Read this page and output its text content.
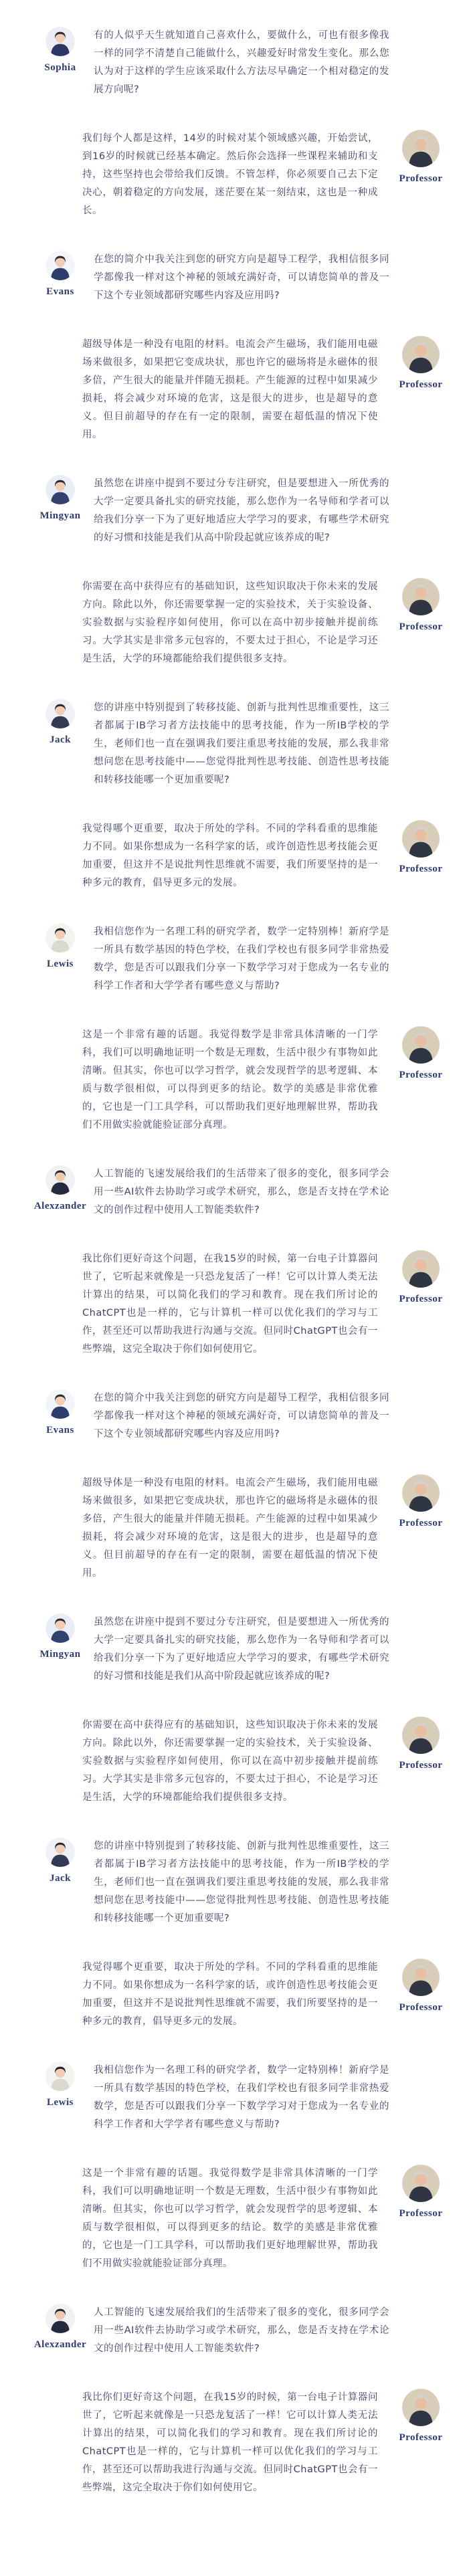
Sophia
有的人似乎天生就知道自己喜欢什么，要做什么，可也有很多像我一样的同学不清楚自己能做什么，兴趣爱好时常发生变化。那么您认为对于这样的学生应该采取什么方法尽早确定一个相对稳定的发展方向呢?
Professor
我们每个人都是这样，14岁的时候对某个领域感兴趣，开始尝试，到16岁的时候就已经基本确定。然后你会选择一些课程来辅助和支持，这些坚持也会带给我们反馈。不管怎样，你必须要自己去下定决心，朝着稳定的方向发展，迷茫要在某一刻结束，这也是一种成长。
Evans
在您的简介中我关注到您的研究方向是超导工程学，我相信很多同学都像我一样对这个神秘的领域充满好奇，可以请您简单的普及一下这个专业领域都研究哪些内容及应用吗?
Professor
超级导体是一种没有电阻的材料。电流会产生磁场，我们能用电磁场来做很多，如果把它变成块状，那也许它的磁场将是永磁体的很多倍，产生很大的能量并伴随无损耗。产生能源的过程中如果减少损耗，将会减少对环境的危害，这是很大的进步，也是超导的意义。但目前超导的存在有一定的限制，需要在超低温的情况下使用。
Mingyan
虽然您在讲座中提到不要过分专注研究，但是要想进入一所优秀的大学一定要具备扎实的研究技能，那么您作为一名导师和学者可以给我们分享一下为了更好地适应大学学习的要求，有哪些学术研究的好习惯和技能是我们从高中阶段起就应该养成的呢?
Professor
你需要在高中获得应有的基础知识，这些知识取决于你未来的发展方向。除此以外，你还需要掌握一定的实验技术，关于实验设备、实验数据与实验程序如何使用，你可以在高中初步接触并提前练习。大学其实是非常多元包容的，不要太过于担心，不论是学习还是生活，大学的环境都能给我们提供很多支持。
Jack
您的讲座中特别提到了转移技能、创新与批判性思维重要性，这三者都属于IB学习者方法技能中的思考技能，作为一所IB学校的学生，老师们也一直在强调我们要注重思考技能的发展，那么我非常想问您在思考技能中——您觉得批判性思考技能、创造性思考技能和转移技能哪一个更加重要呢?
Professor
我觉得哪个更重要，取决于所处的学科。不同的学科看重的思维能力不同。如果你想成为一名科学家的话，或许创造性思考技能会更加重要，但这并不是说批判性思维就不需要，我们所要坚持的是一种多元的教育，倡导更多元的发展。
Lewis
我相信您作为一名理工科的研究学者，数学一定特别棒！新府学是一所具有数学基因的特色学校，在我们学校也有很多同学非常热爱数学，您是否可以跟我们分享一下数学学习对于您成为一名专业的科学工作者和大学学者有哪些意义与帮助?
Professor
这是一个非常有趣的话题。我觉得数学是非常具体清晰的一门学科，我们可以明确地证明一个数是无理数，生活中很少有事物如此清晰。但其实，你也可以学习哲学，就会发现哲学的思考逻辑、本质与数学很相似，可以得到更多的结论。数学的美感是非常优雅的，它也是一门工具学科，可以帮助我们更好地理解世界，帮助我们不用做实验就能验证部分真理。
Alexzander
人工智能的飞速发展给我们的生活带来了很多的变化，很多同学会用一些AI软件去协助学习或学术研究，那么，您是否支持在学术论文的创作过程中使用人工智能类软件?
Professor
我比你们更好奇这个问题，在我15岁的时候，第一台电子计算器问世了，它听起来就像是一只恐龙复活了一样！它可以计算人类无法计算出的结果，可以简化我们的学习和教育。现在我们所讨论的ChatCPT也是一样的，它与计算机一样可以优化我们的学习与工作，甚至还可以帮助我进行沟通与交流。但同时ChatGPT也会有一些弊端，这完全取决于你们如何使用它。
Evans
在您的简介中我关注到您的研究方向是超导工程学，我相信很多同学都像我一样对这个神秘的领域充满好奇，可以请您简单的普及一下这个专业领域都研究哪些内容及应用吗?
Professor
超级导体是一种没有电阻的材料。电流会产生磁场，我们能用电磁场来做很多，如果把它变成块状，那也许它的磁场将是永磁体的很多倍，产生很大的能量并伴随无损耗。产生能源的过程中如果减少损耗，将会减少对环境的危害，这是很大的进步，也是超导的意义。但目前超导的存在有一定的限制，需要在超低温的情况下使用。
Mingyan
虽然您在讲座中提到不要过分专注研究，但是要想进入一所优秀的大学一定要具备扎实的研究技能，那么您作为一名导师和学者可以给我们分享一下为了更好地适应大学学习的要求，有哪些学术研究的好习惯和技能是我们从高中阶段起就应该养成的呢?
Professor
你需要在高中获得应有的基础知识，这些知识取决于你未来的发展方向。除此以外，你还需要掌握一定的实验技术，关于实验设备、实验数据与实验程序如何使用，你可以在高中初步接触并提前练习。大学其实是非常多元包容的，不要太过于担心，不论是学习还是生活，大学的环境都能给我们提供很多支持。
Jack
您的讲座中特别提到了转移技能、创新与批判性思维重要性，这三者都属于IB学习者方法技能中的思考技能，作为一所IB学校的学生，老师们也一直在强调我们要注重思考技能的发展，那么我非常想问您在思考技能中——您觉得批判性思考技能、创造性思考技能和转移技能哪一个更加重要呢?
Professor
我觉得哪个更重要，取决于所处的学科。不同的学科看重的思维能力不同。如果你想成为一名科学家的话，或许创造性思考技能会更加重要，但这并不是说批判性思维就不需要，我们所要坚持的是一种多元的教育，倡导更多元的发展。
Lewis
我相信您作为一名理工科的研究学者，数学一定特别棒！新府学是一所具有数学基因的特色学校，在我们学校也有很多同学非常热爱数学，您是否可以跟我们分享一下数学学习对于您成为一名专业的科学工作者和大学学者有哪些意义与帮助?
Professor
这是一个非常有趣的话题。我觉得数学是非常具体清晰的一门学科，我们可以明确地证明一个数是无理数，生活中很少有事物如此清晰。但其实，你也可以学习哲学，就会发现哲学的思考逻辑、本质与数学很相似，可以得到更多的结论。数学的美感是非常优雅的，它也是一门工具学科，可以帮助我们更好地理解世界，帮助我们不用做实验就能验证部分真理。
Alexzander
人工智能的飞速发展给我们的生活带来了很多的变化，很多同学会用一些AI软件去协助学习或学术研究，那么，您是否支持在学术论文的创作过程中使用人工智能类软件?
Professor
我比你们更好奇这个问题，在我15岁的时候，第一台电子计算器问世了，它听起来就像是一只恐龙复活了一样！它可以计算人类无法计算出的结果，可以简化我们的学习和教育。现在我们所讨论的ChatCPT也是一样的，它与计算机一样可以优化我们的学习与工作，甚至还可以帮助我进行沟通与交流。但同时ChatGPT也会有一些弊端，这完全取决于你们如何使用它。
